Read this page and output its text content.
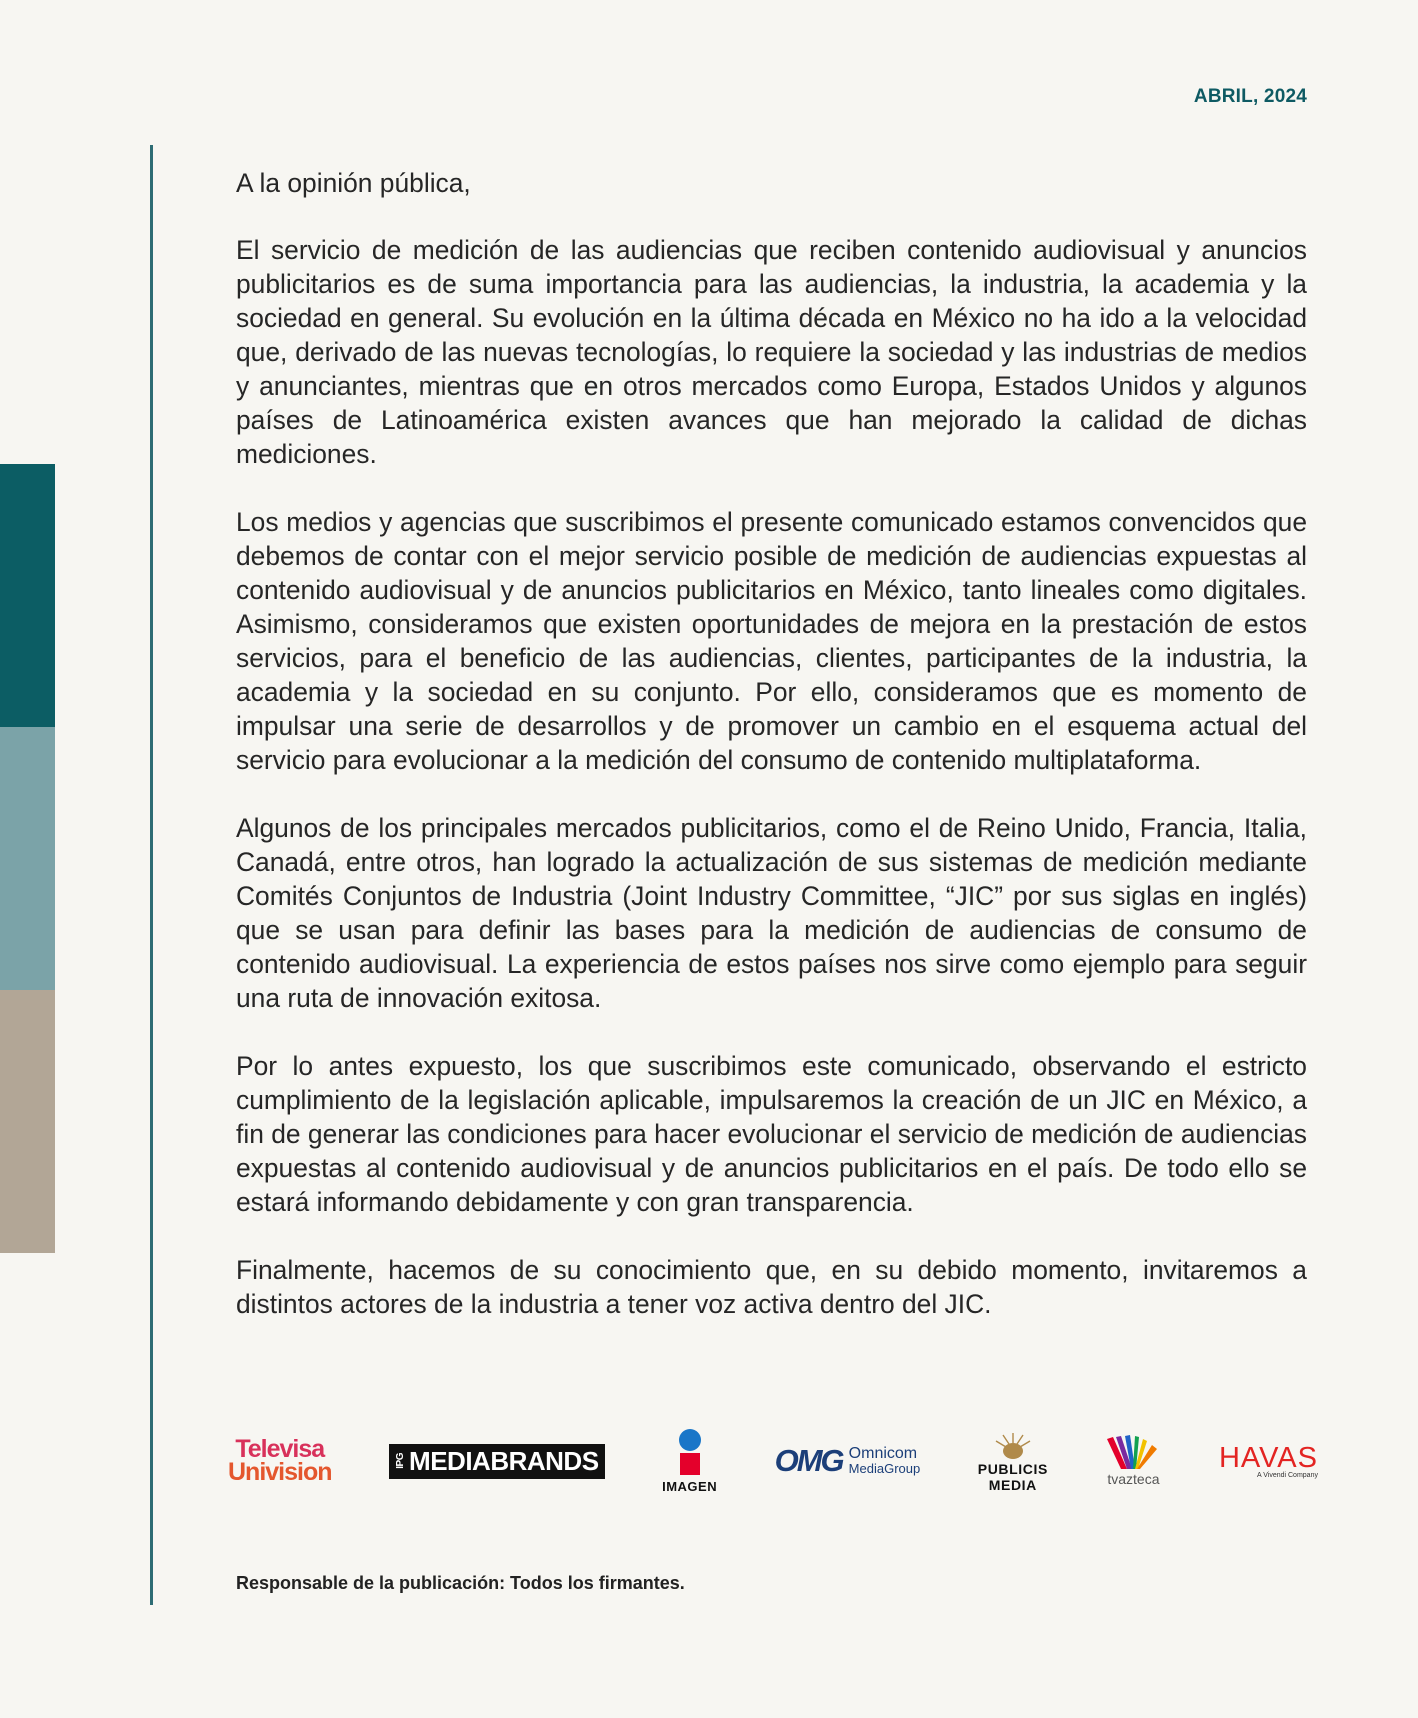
ABRIL, 2024

A la opinión pública,

El servicio de medición de las audiencias que reciben contenido audiovisual y anuncios publicitarios es de suma importancia para las audiencias, la industria, la academia y la sociedad en general. Su evolución en la última década en México no ha ido a la velocidad que, derivado de las nuevas tecnologías, lo requiere la sociedad y las industrias de medios y anunciantes, mientras que en otros mercados como Europa, Estados Unidos y algunos países de Latinoamérica existen avances que han mejorado la calidad de dichas mediciones.

Los medios y agencias que suscribimos el presente comunicado estamos convencidos que debemos de contar con el mejor servicio posible de medición de audiencias expuestas al contenido audiovisual y de anuncios publicitarios en México, tanto lineales como digitales. Asimismo, consideramos que existen oportunidades de mejora en la prestación de estos servicios, para el beneficio de las audiencias, clientes, participantes de la industria, la academia y la sociedad en su conjunto. Por ello, consideramos que es momento de impulsar una serie de desarrollos y de promover un cambio en el esquema actual del servicio para evolucionar a la medición del consumo de contenido multiplataforma.

Algunos de los principales mercados publicitarios, como el de Reino Unido, Francia, Italia, Canadá, entre otros, han logrado la actualización de sus sistemas de medición mediante Comités Conjuntos de Industria (Joint Industry Committee, “JIC” por sus siglas en inglés) que se usan para definir las bases para la medición de audiencias de consumo de contenido audiovisual. La experiencia de estos países nos sirve como ejemplo para seguir una ruta de innovación exitosa.

Por lo antes expuesto, los que suscribimos este comunicado, observando el estricto cumplimiento de la legislación aplicable, impulsaremos la creación de un JIC en México, a fin de generar las condiciones para hacer evolucionar el servicio de medición de audiencias expuestas al contenido audiovisual y de anuncios publicitarios en el país. De todo ello se estará informando debidamente y con gran transparencia.

Finalmente, hacemos de su conocimiento que, en su debido momento, invitaremos a distintos actores de la industria a tener voz activa dentro del JIC.

Televisa
Univision	IPG MEDIABRANDS
IMAGEN
OMG Omnicom
MediaGroup	PUBLICIS
MEDIA	tvazteca
HAVAS
A Vivendi Company
Responsable de la publicación: Todos los firmantes.
